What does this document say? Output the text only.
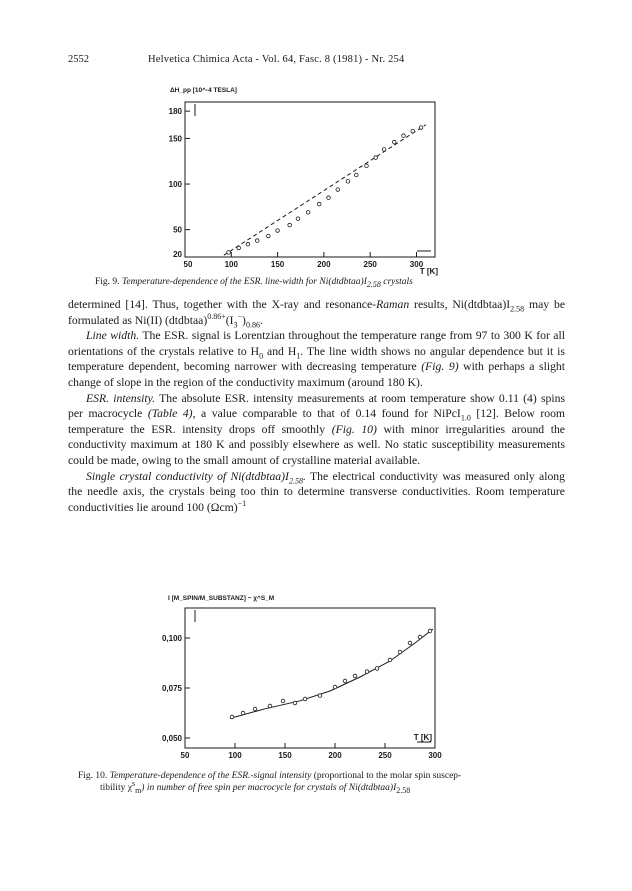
2552	Helvetica Chimica Acta - Vol. 64, Fasc. 8 (1981) - Nr. 254
50	100	150	200	250	300
20
50
100
150
180
ΔH_pp [10^-4 TESLA]
T [K]
Fig. 9. Temperature-dependence of the ESR. line-width for $Ni(dtdbtaa)I_{2.58}$ crystals

determined [14]. Thus, together with the X-ray and resonance-Raman results, $Ni(dtdbtaa)I_{2.58}$ may be formulated as Ni(II) $(dtdbtaa)^{0.86+}(I_3^-)_{0.86}$.

Line width. The ESR. signal is Lorentzian throughout the temperature range from 97 to 300 K for all orientations of the crystals relative to $H_0$ and $H_1$. The line width shows no angular dependence but it is temperature dependent, becoming narrower with decreasing temperature (Fig. 9) with perhaps a slight change of slope in the region of the conductivity maximum (around 180 K).

ESR. intensity. The absolute ESR. intensity measurements at room temperature show 0.11 (4) spins per macrocycle (Table 4), a value comparable to that of 0.14 found for NiPcI$_{1.0}$ [12]. Below room temperature the ESR. intensity drops off smoothly (Fig. 10) with minor irregularities around the conductivity maximum at 180 K and possibly elsewhere as well. No static susceptibility measurements could be made, owing to the small amount of crystalline material available.

Single crystal conductivity of $Ni(dtdbtaa)I_{2.58}$. The electrical conductivity was measured only along the needle axis, the crystals being too thin to determine transverse conductivities. Room temperature conductivities lie around 100 $(\Omega cm)^{-1}$

50	100	150	200	250	300
0,050
0,075
0,100
I [M_SPIN/M_SUBSTANZ] ~ χ^S_M
T [K]
Fig. 10. Temperature-dependence of the ESR.-signal intensity (proportional to the molar spin suscep-
tibility $\chi^s_m$) in number of free spin per macrocycle for crystals of $Ni(dtdbtaa)I_{2.58}$
